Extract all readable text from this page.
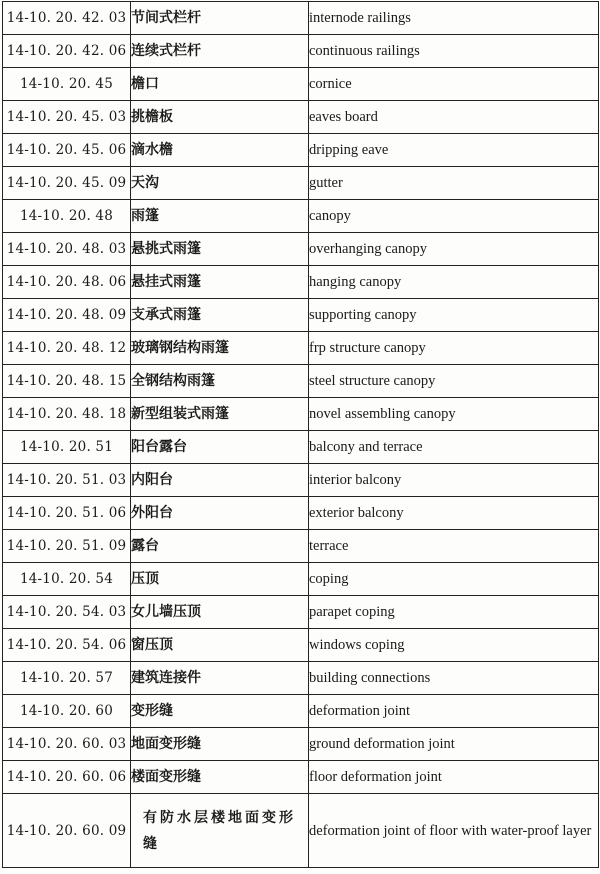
14-10. 20. 42. 03	节间式栏杆	internode railings
14-10. 20. 42. 06	连续式栏杆	continuous railings
14-10. 20. 45	檐口	cornice
14-10. 20. 45. 03	挑檐板	eaves board
14-10. 20. 45. 06	滴水檐	dripping eave
14-10. 20. 45. 09	天沟	gutter
14-10. 20. 48	雨篷	canopy
14-10. 20. 48. 03	悬挑式雨篷	overhanging canopy
14-10. 20. 48. 06	悬挂式雨篷	hanging canopy
14-10. 20. 48. 09	支承式雨篷	supporting canopy
14-10. 20. 48. 12	玻璃钢结构雨篷	frp structure canopy
14-10. 20. 48. 15	全钢结构雨篷	steel structure canopy
14-10. 20. 48. 18	新型组装式雨篷	novel assembling canopy
14-10. 20. 51	阳台露台	balcony and terrace
14-10. 20. 51. 03	内阳台	interior balcony
14-10. 20. 51. 06	外阳台	exterior balcony
14-10. 20. 51. 09	露台	terrace
14-10. 20. 54	压顶	coping
14-10. 20. 54. 03	女儿墙压顶	parapet coping
14-10. 20. 54. 06	窗压顶	windows coping
14-10. 20. 57	建筑连接件	building connections
14-10. 20. 60	变形缝	deformation joint
14-10. 20. 60. 03	地面变形缝	ground deformation joint
14-10. 20. 60. 06	楼面变形缝	floor deformation joint
14-10. 20. 60. 09	有防水层楼地面变形缝	deformation joint of floor with water-proof layer
